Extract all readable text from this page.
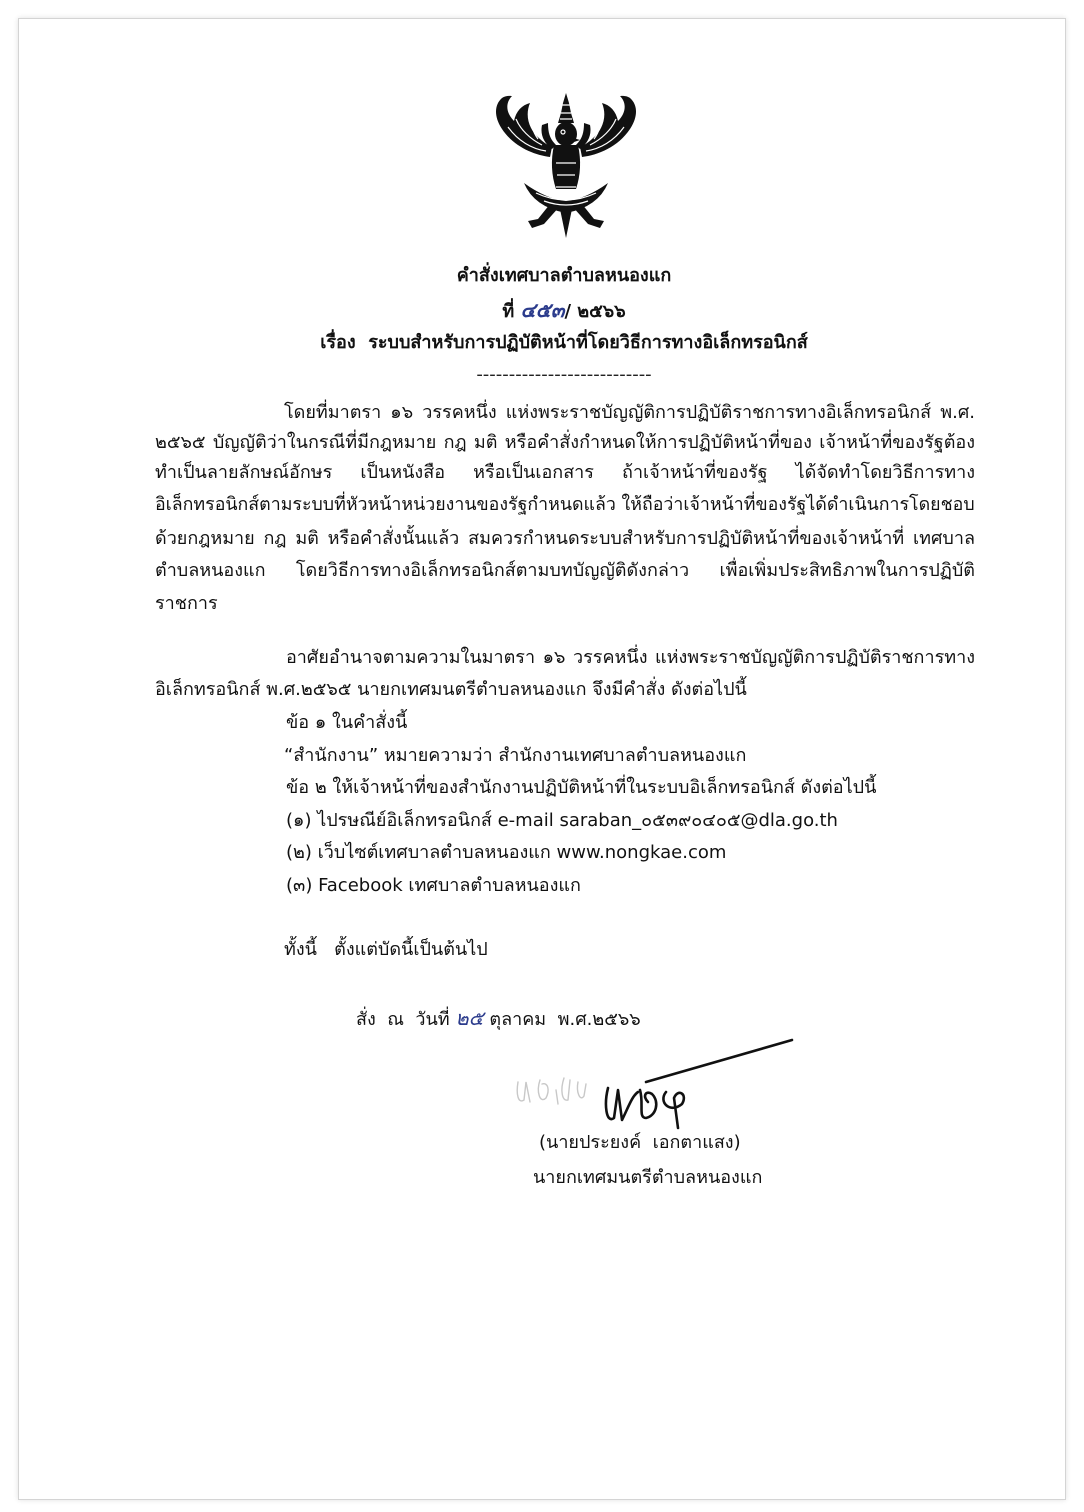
คำสั่งเทศบาลตำบลหนองแก
ที่ ๔๕๓/ ๒๕๖๖
เรื่อง ระบบสำหรับการปฏิบัติหน้าที่โดยวิธีการทางอิเล็กทรอนิกส์
---------------------------
โดยที่มาตรา ๑๖ วรรคหนึ่ง แห่งพระราชบัญญัติการปฏิบัติราชการทางอิเล็กทรอนิกส์ พ.ศ.
๒๕๖๕ บัญญัติว่าในกรณีที่มีกฎหมาย กฎ มติ หรือคำสั่งกำหนดให้การปฏิบัติหน้าที่ของ เจ้าหน้าที่ของรัฐต้อง
ทำเป็นลายลักษณ์อักษร เป็นหนังสือ หรือเป็นเอกสาร ถ้าเจ้าหน้าที่ของรัฐ ได้จัดทำโดยวิธีการทาง
อิเล็กทรอนิกส์ตามระบบที่หัวหน้าหน่วยงานของรัฐกำหนดแล้ว ให้ถือว่าเจ้าหน้าที่ของรัฐได้ดำเนินการโดยชอบ
ด้วยกฎหมาย กฎ มติ หรือคำสั่งนั้นแล้ว สมควรกำหนดระบบสำหรับการปฏิบัติหน้าที่ของเจ้าหน้าที่ เทศบาล
ตำบลหนองแก โดยวิธีการทางอิเล็กทรอนิกส์ตามบทบัญญัติดังกล่าว เพื่อเพิ่มประสิทธิภาพในการปฏิบัติ
ราชการ
อาศัยอำนาจตามความในมาตรา ๑๖ วรรคหนึ่ง แห่งพระราชบัญญัติการปฏิบัติราชการทาง
อิเล็กทรอนิกส์ พ.ศ.๒๕๖๕ นายกเทศมนตรีตำบลหนองแก จึงมีคำสั่ง ดังต่อไปนี้
ข้อ ๑ ในคำสั่งนี้
“สำนักงาน” หมายความว่า สำนักงานเทศบาลตำบลหนองแก
ข้อ ๒ ให้เจ้าหน้าที่ของสำนักงานปฏิบัติหน้าที่ในระบบอิเล็กทรอนิกส์ ดังต่อไปนี้
(๑) ไปรษณีย์อิเล็กทรอนิกส์ e-mail saraban_๐๕๓๙๐๔๐๕@dla.go.th
(๒) เว็บไซต์เทศบาลตำบลหนองแก www.nongkae.com
(๓) Facebook เทศบาลตำบลหนองแก
ทั้งนี้   ตั้งแต่บัดนี้เป็นต้นไป
สั่ง  ณ  วันที่ ๒๕ ตุลาคม  พ.ศ.๒๕๖๖
(นายประยงค์  เอกตาแสง)
นายกเทศมนตรีตำบลหนองแก
